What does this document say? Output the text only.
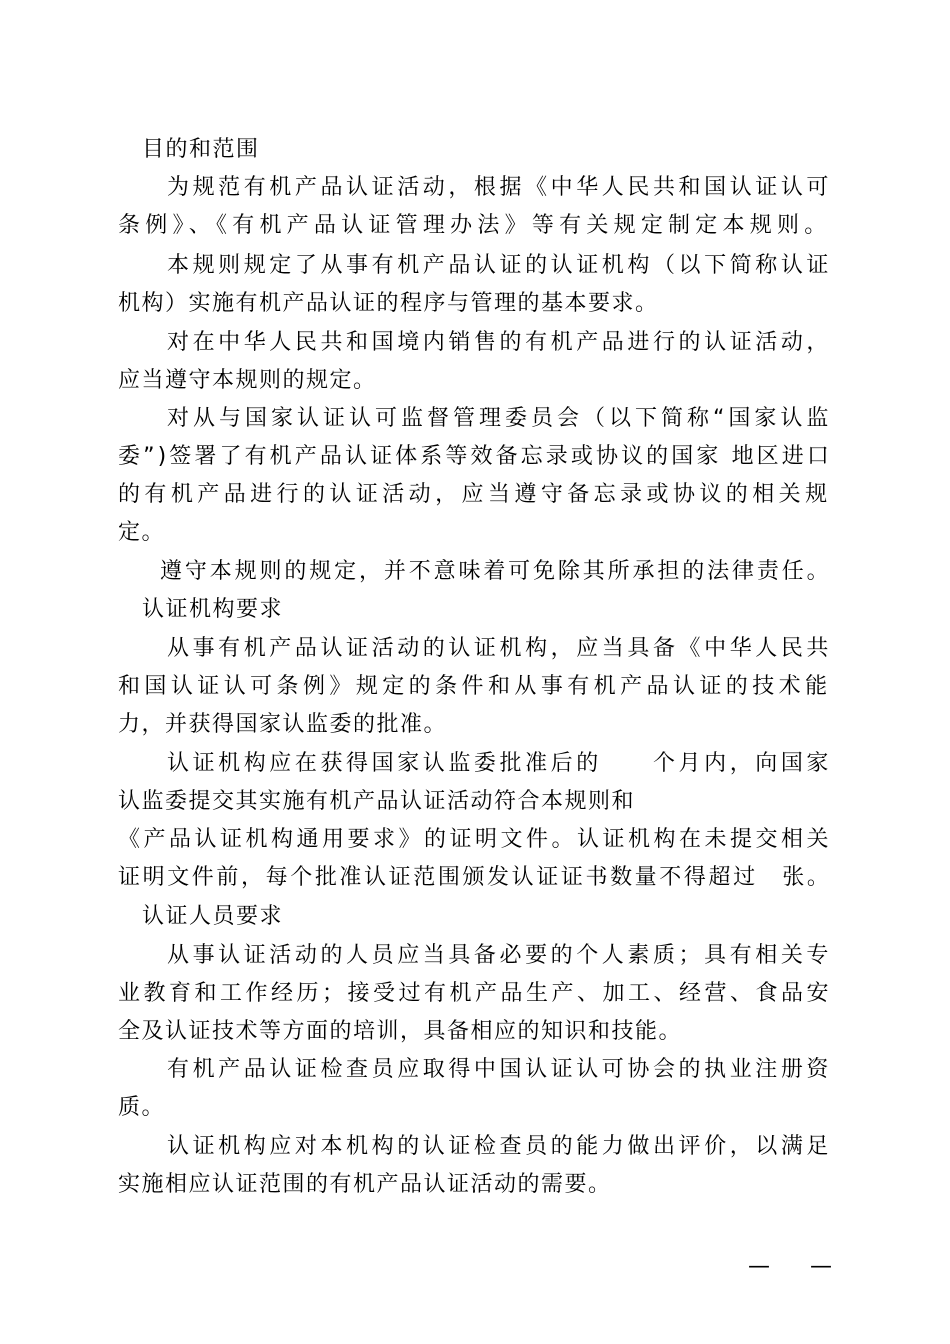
目的和范围
为规范有机产品认证活动，根据《中华人民共和国认证认可
条例》、《有机产品认证管理办法》等有关规定制定本规则。
本规则规定了从事有机产品认证的认证机构（以下简称认证
机构）实施有机产品认证的程序与管理的基本要求。
对在中华人民共和国境内销售的有机产品进行的认证活动，
应当遵守本规则的规定。
对从与国家认证认可监督管理委员会（以下简称“国家认监
委”)签署了有机产品认证体系等效备忘录或协议的国家 地区进口
的有机产品进行的认证活动，应当遵守备忘录或协议的相关规
定。
遵守本规则的规定，并不意味着可免除其所承担的法律责任。
认证机构要求
从事有机产品认证活动的认证机构，应当具备《中华人民共
和国认证认可条例》规定的条件和从事有机产品认证的技术能
力，并获得国家认监委的批准。
认证机构应在获得国家认监委批准后的　　个月内，向国家
认监委提交其实施有机产品认证活动符合本规则和
《产品认证机构通用要求》的证明文件。认证机构在未提交相关
证明文件前，每个批准认证范围颁发认证证书数量不得超过　张。
认证人员要求
从事认证活动的人员应当具备必要的个人素质；具有相关专
业教育和工作经历；接受过有机产品生产、加工、经营、食品安
全及认证技术等方面的培训，具备相应的知识和技能。
有机产品认证检查员应取得中国认证认可协会的执业注册资
质。
认证机构应对本机构的认证检查员的能力做出评价，以满足
实施相应认证范围的有机产品认证活动的需要。
— —
